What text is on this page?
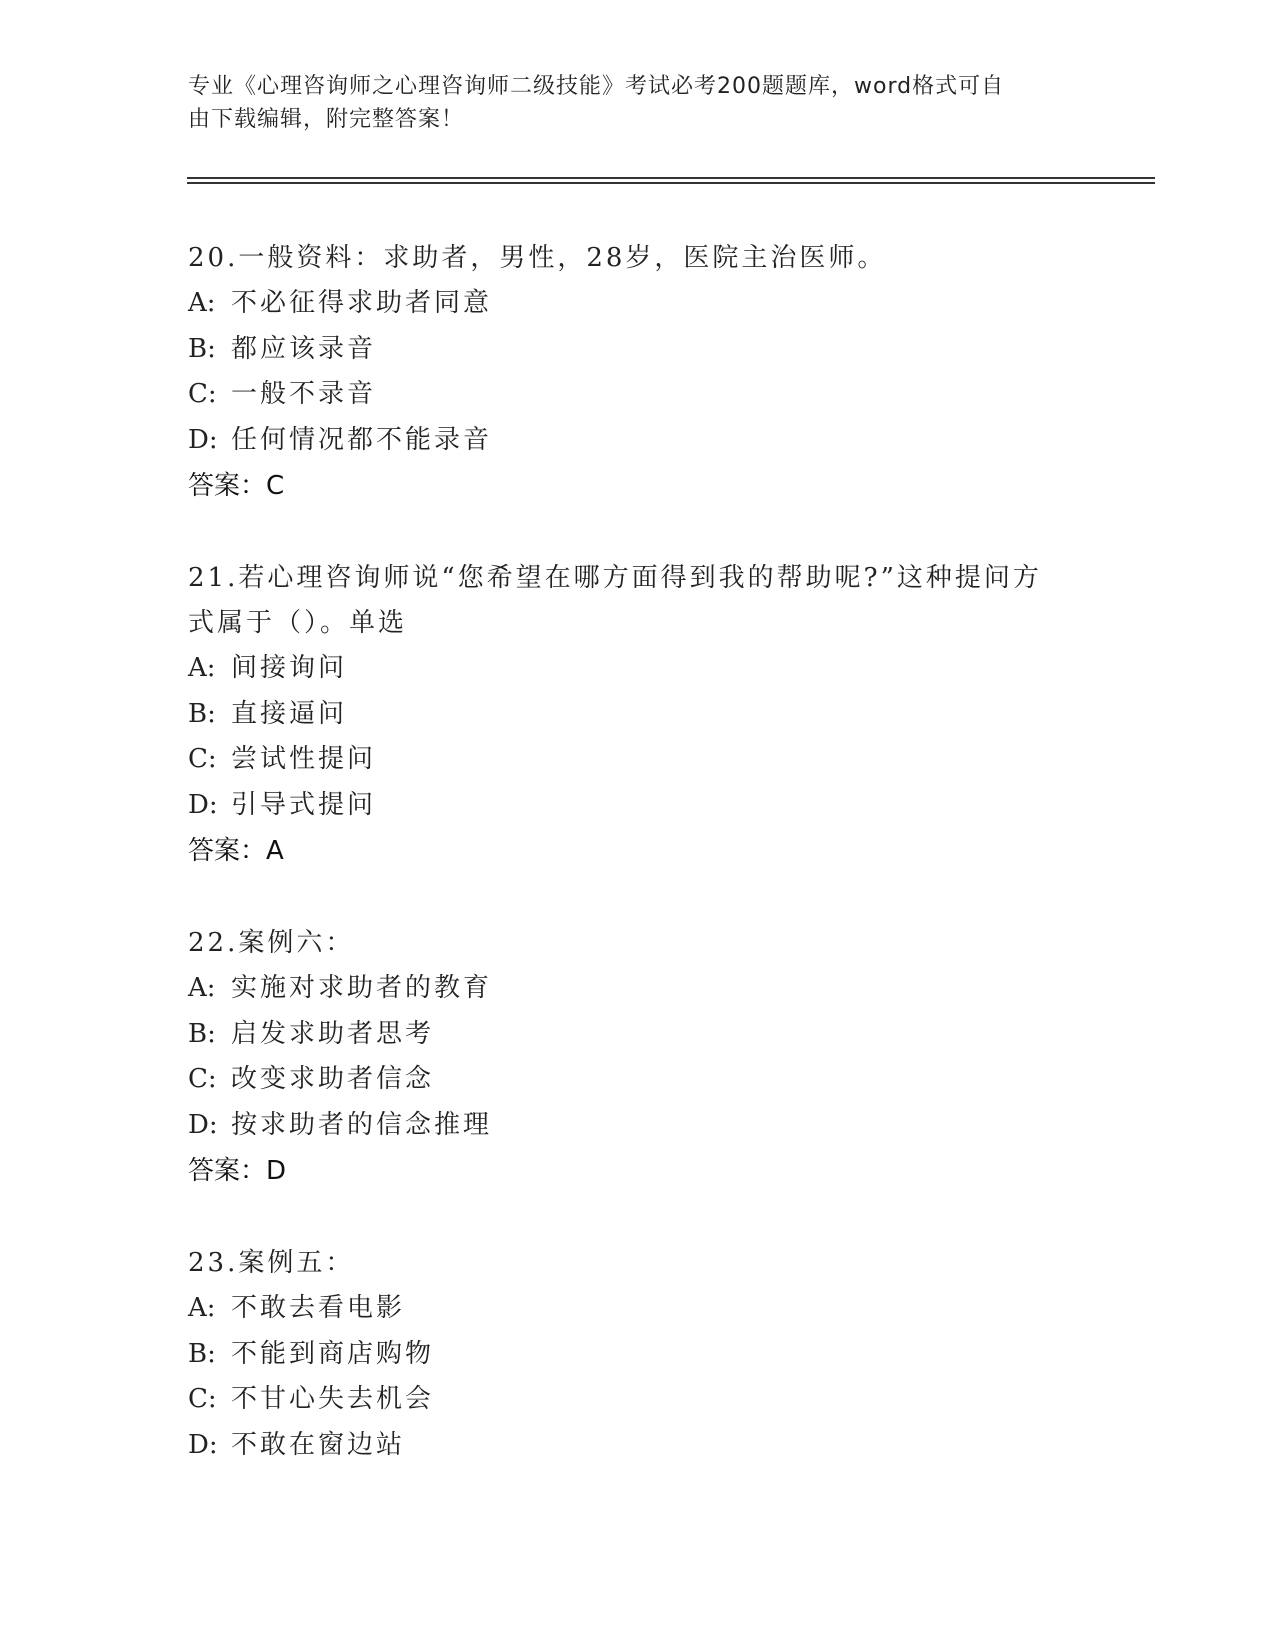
专业《心理咨询师之心理咨询师二级技能》考试必考200题题库，word格式可自
由下载编辑，附完整答案！
20.一般资料：求助者，男性，28岁，医院主治医师。
A: 不必征得求助者同意
B: 都应该录音
C: 一般不录音
D: 任何情况都不能录音
答案：C
21.若心理咨询师说“您希望在哪方面得到我的帮助呢?”这种提问方
式属于（）。单选
A: 间接询问
B: 直接逼问
C: 尝试性提问
D: 引导式提问
答案：A
22.案例六：
A: 实施对求助者的教育
B: 启发求助者思考
C: 改变求助者信念
D: 按求助者的信念推理
答案：D
23.案例五：
A: 不敢去看电影
B: 不能到商店购物
C: 不甘心失去机会
D: 不敢在窗边站
